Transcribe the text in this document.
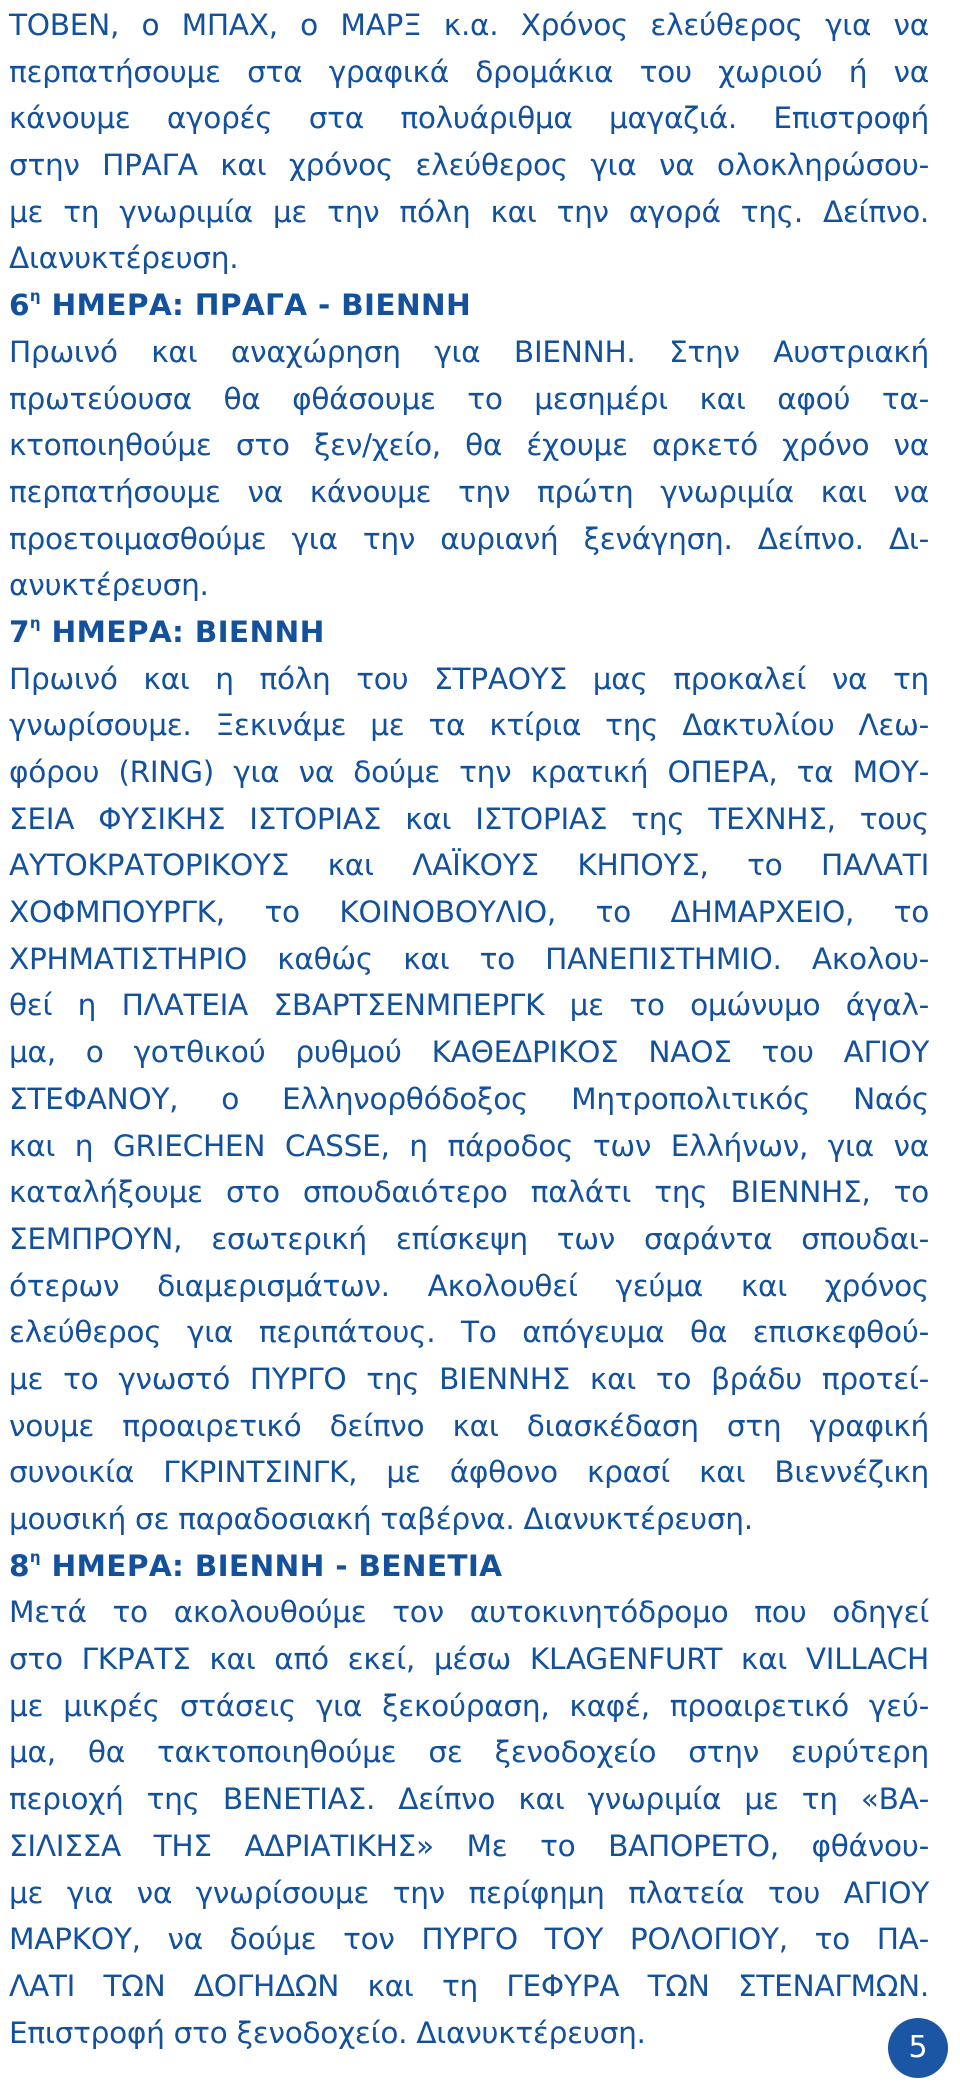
ΤΟΒΕΝ, ο ΜΠΑΧ, ο ΜΑΡΞ κ.α. Χρόνος ελεύθερος για να
περπατήσουμε στα γραφικά δρομάκια του χωριού ή να
κάνουμε αγορές στα πολυάριθμα μαγαζιά. Επιστροφή
στην ΠΡΑΓΑ και χρόνος ελεύθερος για να ολοκληρώσου-
με τη γνωριμία με την πόλη και την αγορά της. Δείπνο.
Διανυκτέρευση.
$6^\eta$ ΗΜΕΡΑ: ΠΡΑΓΑ - ΒΙΕΝΝΗ
Πρωινό και αναχώρηση για ΒΙΕΝΝΗ. Στην Αυστριακή
πρωτεύουσα θα φθάσουμε το μεσημέρι και αφού τα-
κτοποιηθούμε στο ξεν/χείο, θα έχουμε αρκετό χρόνο να
περπατήσουμε να κάνουμε την πρώτη γνωριμία και να
προετοιμασθούμε για την αυριανή ξενάγηση. Δείπνο. Δι-
ανυκτέρευση.
$7^\eta$ ΗΜΕΡΑ: ΒΙΕΝΝΗ
Πρωινό και η πόλη του ΣΤΡΑΟΥΣ μας προκαλεί να τη
γνωρίσουμε. Ξεκινάμε με τα κτίρια της Δακτυλίου Λεω-
φόρου (RING) για να δούμε την κρατική ΟΠΕΡΑ, τα ΜΟΥ-
ΣΕΙΑ ΦΥΣΙΚΗΣ ΙΣΤΟΡΙΑΣ και ΙΣΤΟΡΙΑΣ της ΤΕΧΝΗΣ, τους
ΑΥΤΟΚΡΑΤΟΡΙΚΟΥΣ και ΛΑΪΚΟΥΣ ΚΗΠΟΥΣ, το ΠΑΛΑΤΙ
ΧΟΦΜΠΟΥΡΓΚ, το ΚΟΙΝΟΒΟΥΛΙΟ, το ΔΗΜΑΡΧΕΙΟ, το
ΧΡΗΜΑΤΙΣΤΗΡΙΟ καθώς και το ΠΑΝΕΠΙΣΤΗΜΙΟ. Ακολου-
θεί η ΠΛΑΤΕΙΑ ΣΒΑΡΤΣΕΝΜΠΕΡΓΚ με το ομώνυμο άγαλ-
μα, ο γοτθικού ρυθμού ΚΑΘΕΔΡΙΚΟΣ ΝΑΟΣ του ΑΓΙΟΥ
ΣΤΕΦΑΝΟΥ, ο Ελληνορθόδοξος Μητροπολιτικός Ναός
και η GRIECHEN CASSE, η πάροδος των Ελλήνων, για να
καταλήξουμε στο σπουδαιότερο παλάτι της ΒΙΕΝΝΗΣ, το
ΣΕΜΠΡΟΥΝ, εσωτερική επίσκεψη των σαράντα σπουδαι-
ότερων διαμερισμάτων. Ακολουθεί γεύμα και χρόνος
ελεύθερος για περιπάτους. Το απόγευμα θα επισκεφθού-
με το γνωστό ΠΥΡΓΟ της ΒΙΕΝΝΗΣ και το βράδυ προτεί-
νουμε προαιρετικό δείπνο και διασκέδαση στη γραφική
συνοικία ΓΚΡΙΝΤΣΙΝΓΚ, με άφθονο κρασί και Βιεννέζικη
μουσική σε παραδοσιακή ταβέρνα. Διανυκτέρευση.
$8^\eta$ ΗΜΕΡΑ: ΒΙΕΝΝΗ - ΒΕΝΕΤΙΑ
Μετά το ακολουθούμε τον αυτοκινητόδρομο που οδηγεί
στο ΓΚΡΑΤΣ και από εκεί, μέσω KLAGENFURT και VILLACH
με μικρές στάσεις για ξεκούραση, καφέ, προαιρετικό γεύ-
μα, θα τακτοποιηθούμε σε ξενοδοχείο στην ευρύτερη
περιοχή της ΒΕΝΕΤΙΑΣ. Δείπνο και γνωριμία με τη «ΒΑ-
ΣΙΛΙΣΣΑ ΤΗΣ ΑΔΡΙΑΤΙΚΗΣ» Με το ΒΑΠΟΡΕΤΟ, φθάνου-
με για να γνωρίσουμε την περίφημη πλατεία του ΑΓΙΟΥ
ΜΑΡΚΟΥ, να δούμε τον ΠΥΡΓΟ ΤΟΥ ΡΟΛΟΓΙΟΥ, το ΠΑ-
ΛΑΤΙ ΤΩΝ ΔΟΓΗΔΩΝ και τη ΓΕΦΥΡΑ ΤΩΝ ΣΤΕΝΑΓΜΩΝ.
Επιστροφή στο ξενοδοχείο. Διανυκτέρευση.	5
